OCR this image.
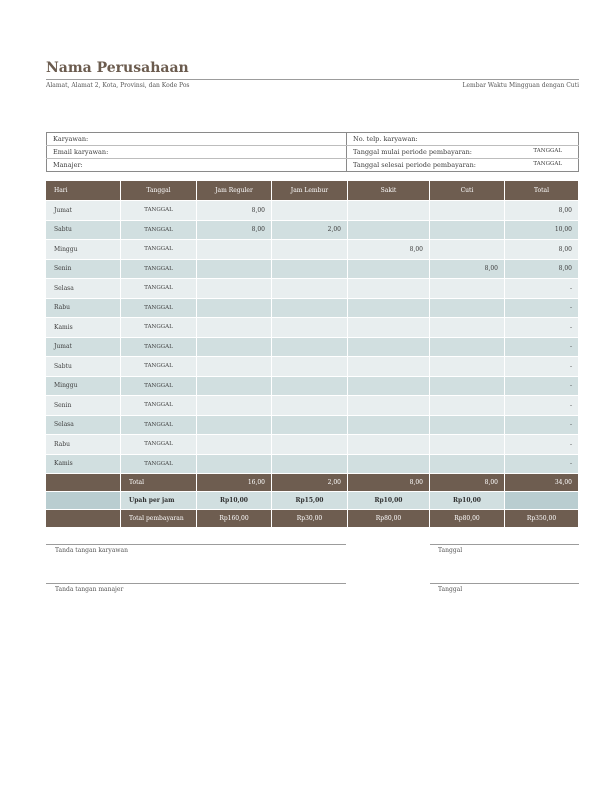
Nama Perusahaan
Alamat, Alamat 2, Kota, Provinsi, dan Kode Pos	Lembar Waktu Mingguan dengan Cuti
Karyawan:	No. telp. karyawan:
Email karyawan:	Tanggal mulai periode pembayaran: TANGGAL

Manajer:	Tanggal selesai periode pembayaran: TANGGAL
Hari	Tanggal	Jam Reguler	Jam Lembur	Sakit	Cuti	Total
Jumat	TANGGAL	8,00				8,00
Sabtu	TANGGAL	8,00	2,00			10,00
Minggu	TANGGAL			8,00		8,00
Senin	TANGGAL				8,00	8,00
Selasa	TANGGAL					-
Rabu	TANGGAL					-
Kamis	TANGGAL					-
Jumat	TANGGAL					-
Sabtu	TANGGAL					-
Minggu	TANGGAL					-
Senin	TANGGAL					-
Selasa	TANGGAL					-
Rabu	TANGGAL					-
Kamis	TANGGAL					-
	Total	16,00	2,00	8,00	8,00	34,00
	Upah per jam	Rp10,00	Rp15,00	Rp10,00	Rp10,00	
	Total pembayaran	Rp160,00	Rp30,00	Rp80,00	Rp80,00	Rp350,00
Tanda tangan karyawan	Tanggal
Tanda tangan manajer	Tanggal
